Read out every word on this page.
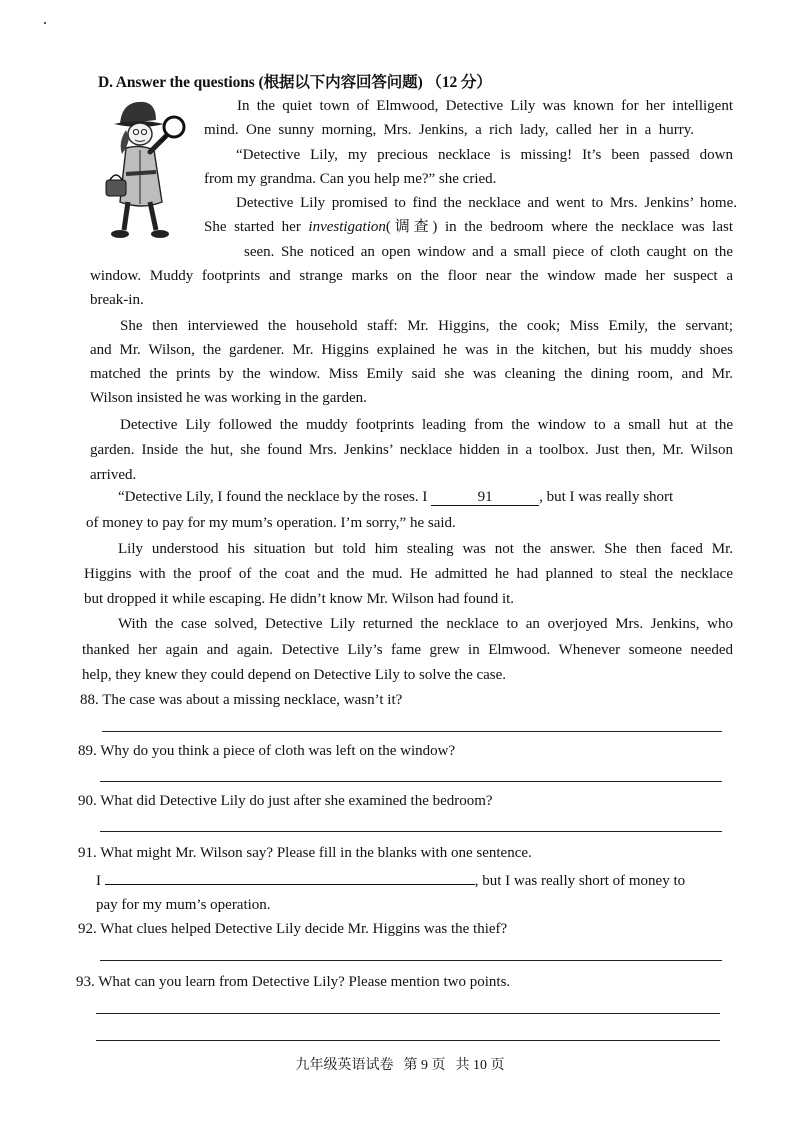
D. Answer the questions (根据以下内容回答问题) （12 分）
In the quiet town of Elmwood, Detective Lily was known for her intelligent
mind. One sunny morning, Mrs. Jenkins, a rich lady, called her in a hurry.
“Detective Lily, my precious necklace is missing! It’s been passed down
from my grandma. Can you help me?” she cried.
Detective Lily promised to find the necklace and went to Mrs. Jenkins’ home.
She started her investigation(调查) in the bedroom where the necklace was last
seen. She noticed an open window and a small piece of cloth caught on the
window. Muddy footprints and strange marks on the floor near the window made her suspect a
break-in.
She then interviewed the household staff: Mr. Higgins, the cook; Miss Emily, the servant;
and Mr. Wilson, the gardener. Mr. Higgins explained he was in the kitchen, but his muddy shoes
matched the prints by the window. Miss Emily said she was cleaning the dining room, and Mr.
Wilson insisted he was working in the garden.
Detective Lily followed the muddy footprints leading from the window to a small hut at the
garden. Inside the hut, she found Mrs. Jenkins’ necklace hidden in a toolbox. Just then, Mr. Wilson
arrived.
“Detective Lily, I found the necklace by the roses. I	91	, but I was really short
of money to pay for my mum’s operation. I’m sorry,” he said.
Lily understood his situation but told him stealing was not the answer. She then faced Mr.
Higgins with the proof of the coat and the mud. He admitted he had planned to steal the necklace
but dropped it while escaping. He didn’t know Mr. Wilson had found it.
With the case solved, Detective Lily returned the necklace to an overjoyed Mrs. Jenkins, who
thanked her again and again. Detective Lily’s fame grew in Elmwood. Whenever someone needed
help, they knew they could depend on Detective Lily to solve the case.
88. The case was about a missing necklace, wasn’t it?
89. Why do you think a piece of cloth was left on the window?
90. What did Detective Lily do just after she examined the bedroom?
91. What might Mr. Wilson say? Please fill in the blanks with one sentence.
I	, but I was really short of money to
pay for my mum’s operation.
92. What clues helped Detective Lily decide Mr. Higgins was the thief?
93. What can you learn from Detective Lily? Please mention two points.
九年级英语试卷 第 9 页 共 10 页
